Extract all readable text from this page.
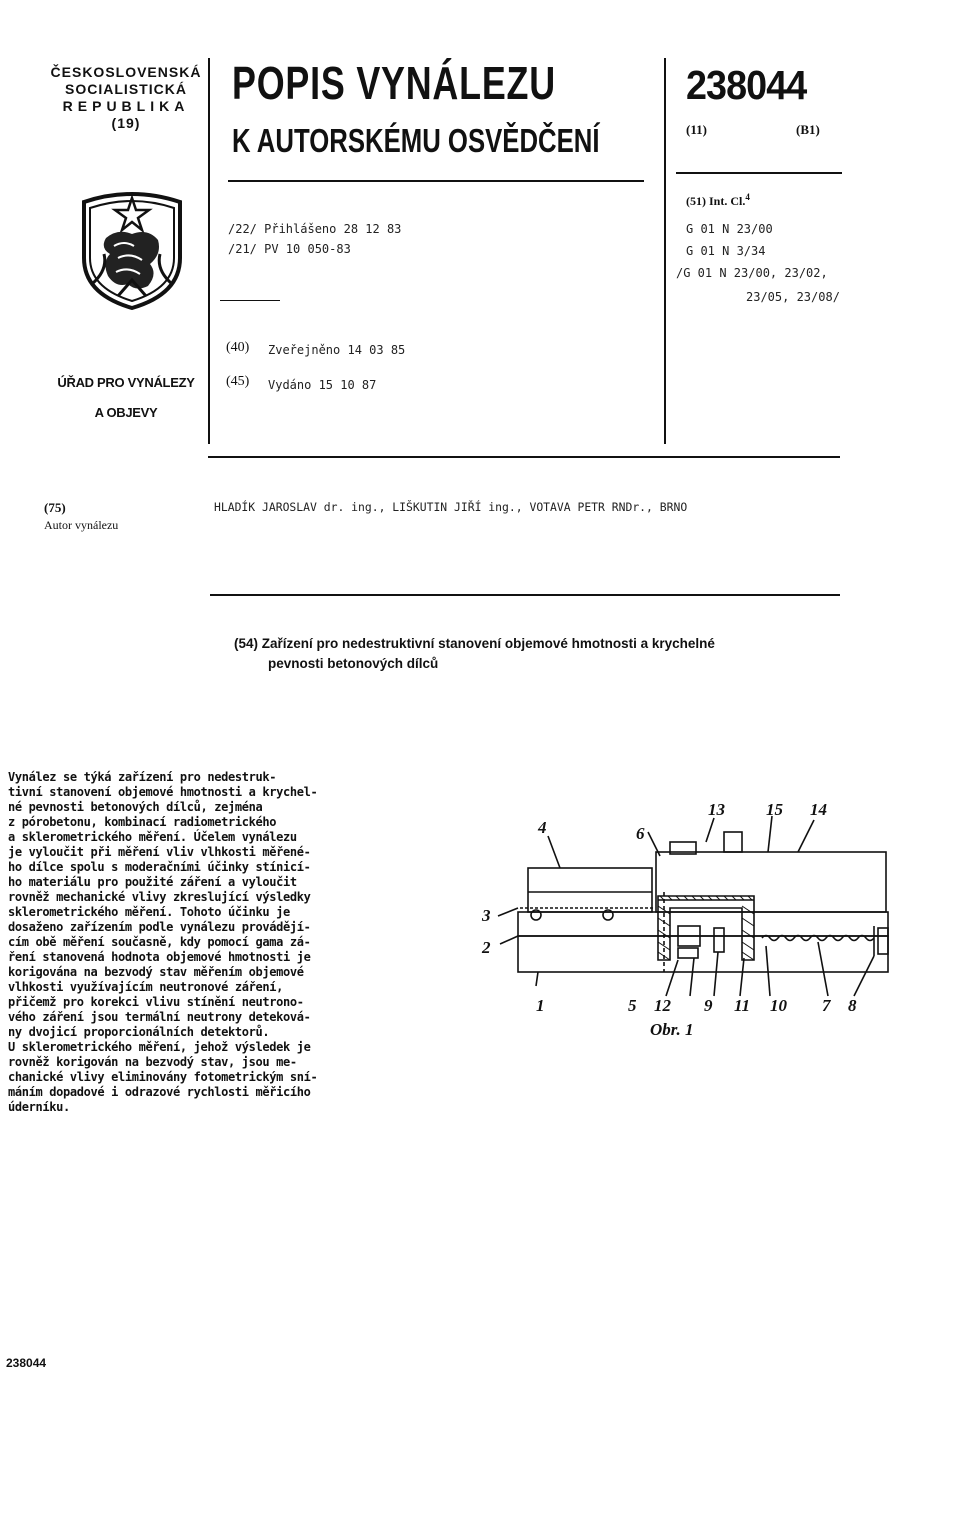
ČESKOSLOVENSKÁ
SOCIALISTICKÁ
REPUBLIKA
(19)
ÚŘAD PRO VYNÁLEZY
A OBJEVY
POPIS VYNÁLEZU
K AUTORSKÉMU OSVĚDČENÍ
238044
(11)	(B1)
/22/ Přihlášeno 28 12 83
/21/ PV 10 050-83
(40) Zveřejněno 14 03 85
(45) Vydáno 15 10 87
(51) Int. Cl.$^4$
G 01 N 23/00
G 01 N 3/34
/G 01 N 23/00, 23/02,
23/05, 23/08/
(75)
Autor vynálezu
HLADÍK JAROSLAV dr. ing., LIŠKUTIN JIŘÍ ing., VOTAVA PETR RNDr., BRNO
(54) Zařízení pro nedestruktivní stanovení objemové hmotnosti a krychelné
pevnosti betonových dílců
Vynález se týká zařízení pro nedestruk-
tivní stanovení objemové hmotnosti a krychel-
né pevnosti betonových dílců, zejména
z pórobetonu, kombinací radiometrického
a sklerometrického měření. Účelem vynálezu
je vyloučit při měření vliv vlhkosti měřené-
ho dílce spolu s moderačními účinky stínicí-
ho materiálu pro použité záření a vyloučit
rovněž mechanické vlivy zkreslující výsledky
sklerometrického měření. Tohoto účinku je
dosaženo zařízením podle vynálezu provádějí-
cím obě měření současně, kdy pomocí gama zá-
ření stanovená hodnota objemové hmotnosti je
korigována na bezvodý stav měřením objemové
vlhkosti využívajícím neutronové záření,
přičemž pro korekci vlivu stínění neutrono-
vého záření jsou termální neutrony deteková-
ny dvojicí proporcionálních detektorů.
U sklerometrického měření, jehož výsledek je
rovněž korigován na bezvodý stav, jsou me-
chanické vlivy eliminovány fotometrickým sní-
máním dopadové i odrazové rychlosti měřicího
úderníku.
13 15 14
4	6
3
2
1	5 12 9 11 10 7 8
Obr. 1
238044
